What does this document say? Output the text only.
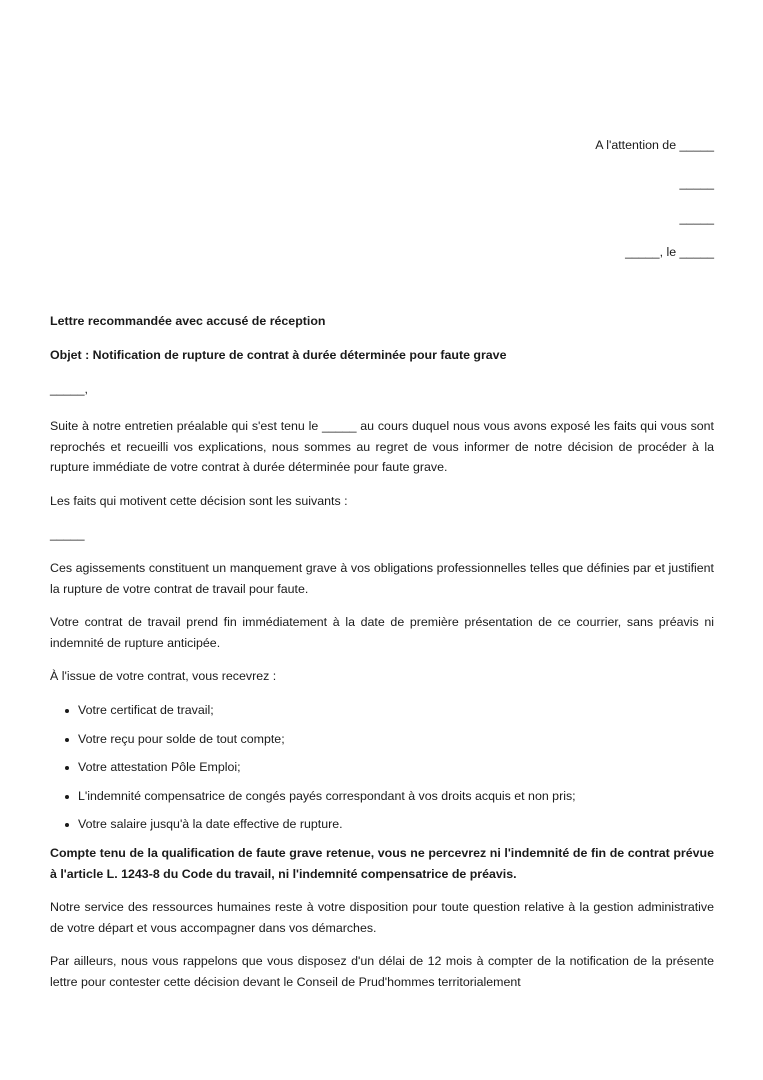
A l'attention de _____
_____
_____
_____, le _____
Lettre recommandée avec accusé de réception
Objet : Notification de rupture de contrat à durée déterminée pour faute grave
_____,

Suite à notre entretien préalable qui s'est tenu le _____ au cours duquel nous vous avons exposé les faits qui vous sont reprochés et recueilli vos explications, nous sommes au regret de vous informer de notre décision de procéder à la rupture immédiate de votre contrat à durée déterminée pour faute grave.

Les faits qui motivent cette décision sont les suivants :

_____

Ces agissements constituent un manquement grave à vos obligations professionnelles telles que définies par et justifient la rupture de votre contrat de travail pour faute.

Votre contrat de travail prend fin immédiatement à la date de première présentation de ce courrier, sans préavis ni indemnité de rupture anticipée.

À l'issue de votre contrat, vous recevrez :

Votre certificat de travail;
Votre reçu pour solde de tout compte;
Votre attestation Pôle Emploi;
L'indemnité compensatrice de congés payés correspondant à vos droits acquis et non pris;
Votre salaire jusqu'à la date effective de rupture.

Compte tenu de la qualification de faute grave retenue, vous ne percevrez ni l'indemnité de fin de contrat prévue à l'article L. 1243-8 du Code du travail, ni l'indemnité compensatrice de préavis.

Notre service des ressources humaines reste à votre disposition pour toute question relative à la gestion administrative de votre départ et vous accompagner dans vos démarches.

Par ailleurs, nous vous rappelons que vous disposez d'un délai de 12 mois à compter de la notification de la présente lettre pour contester cette décision devant le Conseil de Prud'hommes territorialement
